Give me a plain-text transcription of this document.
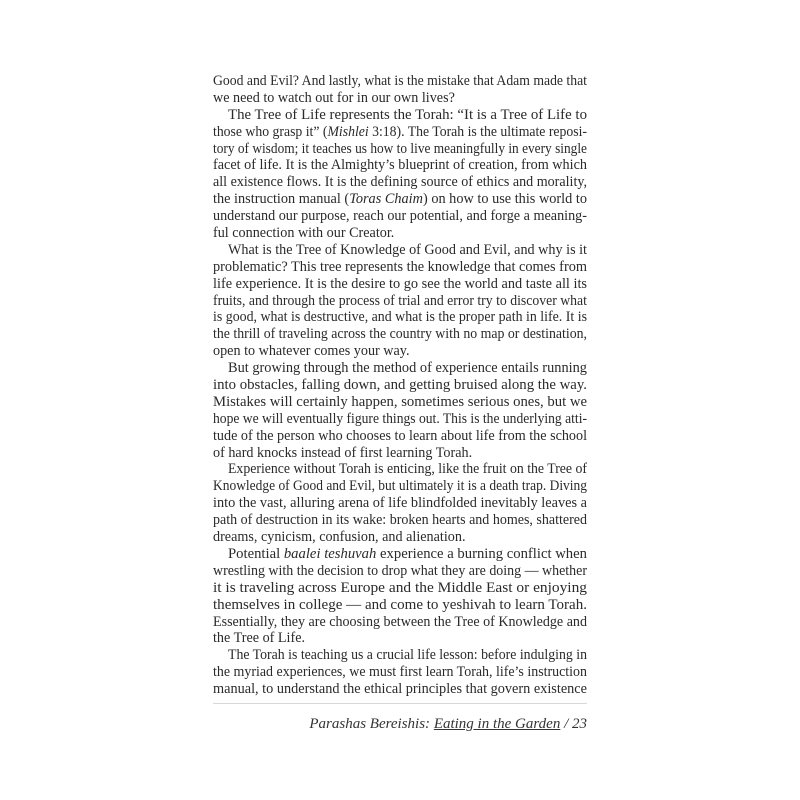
Good and Evil? And lastly, what is the mistake that Adam made that
we need to watch out for in our own lives?
The Tree of Life represents the Torah: “It is a Tree of Life to
those who grasp it” (Mishlei 3:18). The Torah is the ultimate reposi-
tory of wisdom; it teaches us how to live meaningfully in every single
facet of life. It is the Almighty’s blueprint of creation, from which
all existence flows. It is the defining source of ethics and morality,
the instruction manual (Toras Chaim) on how to use this world to
understand our purpose, reach our potential, and forge a meaning-
ful connection with our Creator.
What is the Tree of Knowledge of Good and Evil, and why is it
problematic? This tree represents the knowledge that comes from
life experience. It is the desire to go see the world and taste all its
fruits, and through the process of trial and error try to discover what
is good, what is destructive, and what is the proper path in life. It is
the thrill of traveling across the country with no map or destination,
open to whatever comes your way.
But growing through the method of experience entails running
into obstacles, falling down, and getting bruised along the way.
Mistakes will certainly happen, sometimes serious ones, but we
hope we will eventually figure things out. This is the underlying atti-
tude of the person who chooses to learn about life from the school
of hard knocks instead of first learning Torah.
Experience without Torah is enticing, like the fruit on the Tree of
Knowledge of Good and Evil, but ultimately it is a death trap. Diving
into the vast, alluring arena of life blindfolded inevitably leaves a
path of destruction in its wake: broken hearts and homes, shattered
dreams, cynicism, confusion, and alienation.
Potential baalei teshuvah experience a burning conflict when
wrestling with the decision to drop what they are doing — whether
it is traveling across Europe and the Middle East or enjoying
themselves in college — and come to yeshivah to learn Torah.
Essentially, they are choosing between the Tree of Knowledge and
the Tree of Life.
The Torah is teaching us a crucial life lesson: before indulging in
the myriad experiences, we must first learn Torah, life’s instruction
manual, to understand the ethical principles that govern existence
Parashas Bereishis: Eating in the Garden / 23
